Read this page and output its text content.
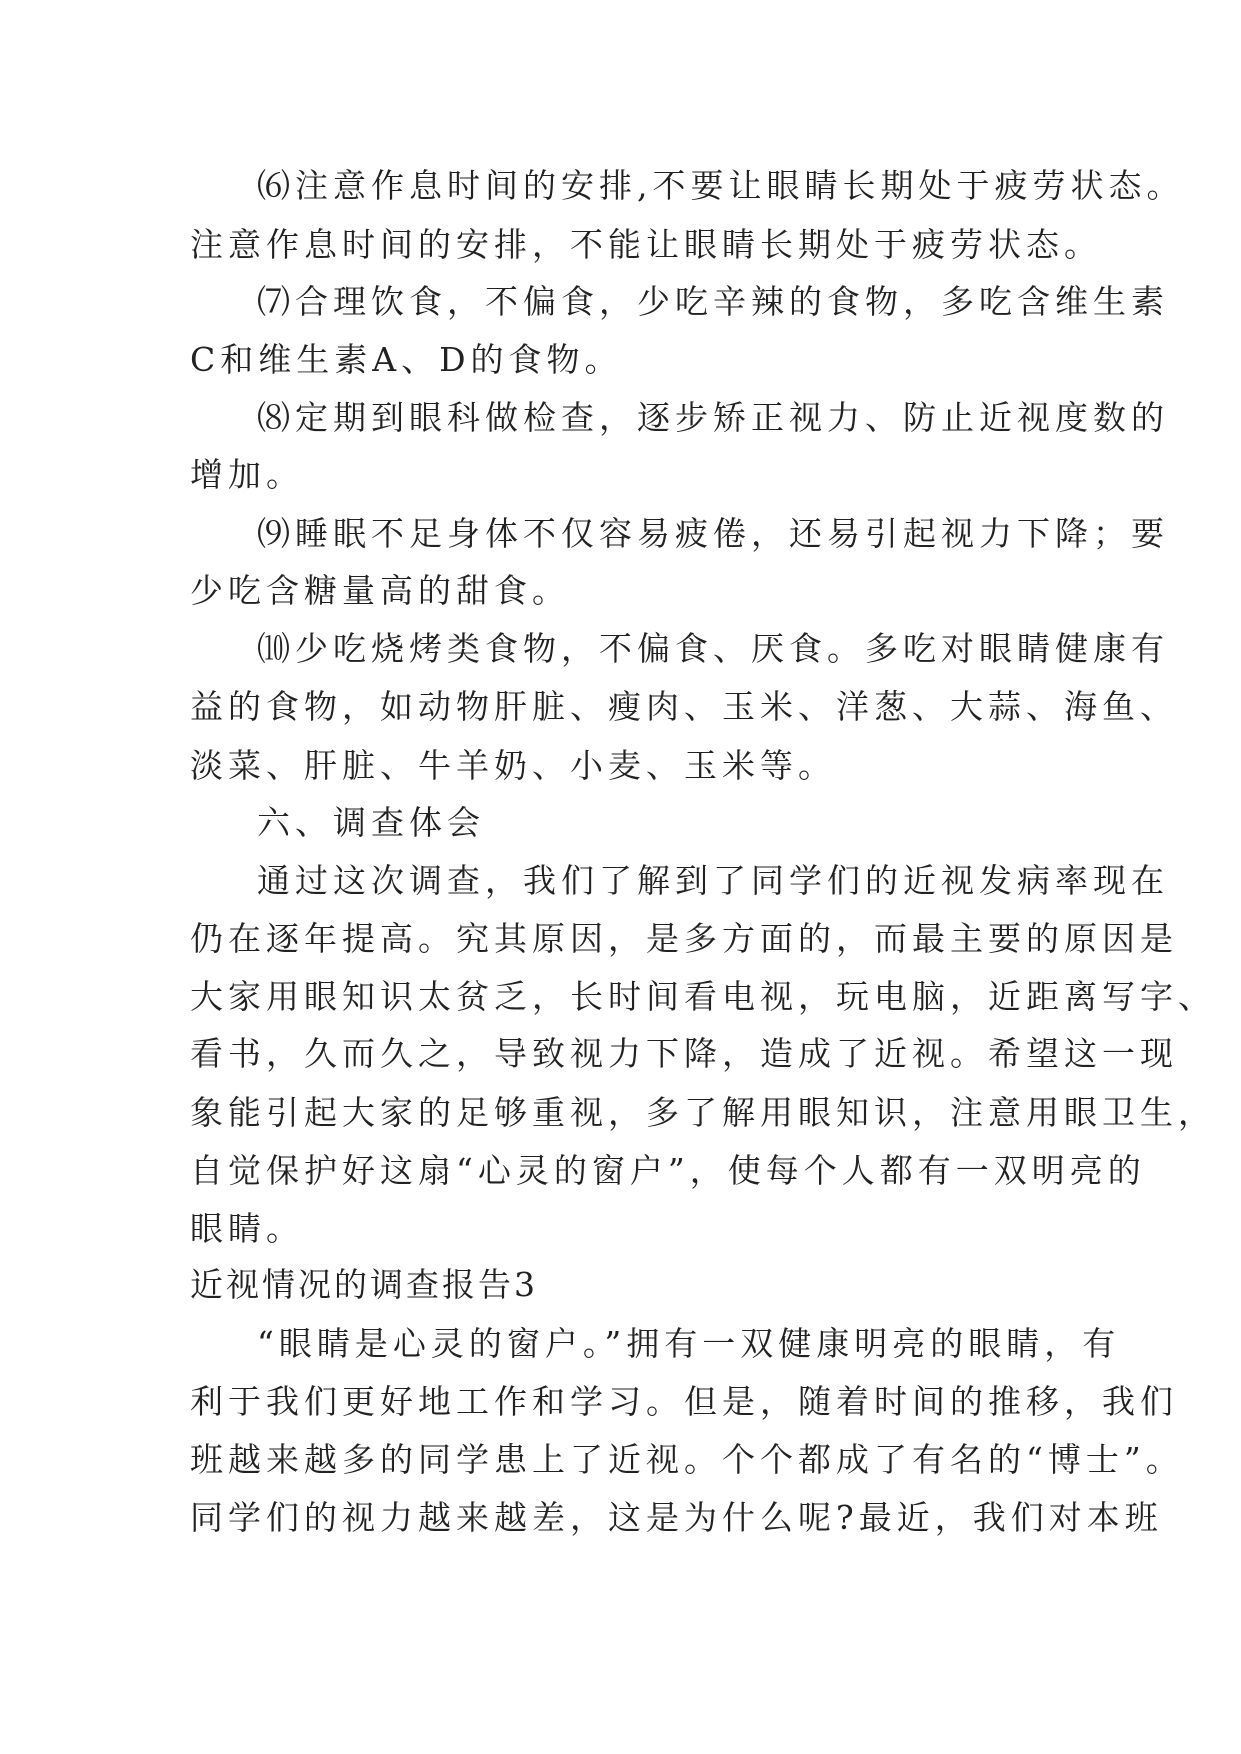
⑹注意作息时间的安排,不要让眼睛长期处于疲劳状态。
注意作息时间的安排，不能让眼睛长期处于疲劳状态。
⑺合理饮食，不偏食，少吃辛辣的食物，多吃含维生素
C和维生素A、D的食物。
⑻定期到眼科做检查，逐步矫正视力、防止近视度数的
增加。
⑼睡眠不足身体不仅容易疲倦，还易引起视力下降；要
少吃含糖量高的甜食。
⑽少吃烧烤类食物，不偏食、厌食。多吃对眼睛健康有
益的食物，如动物肝脏、瘦肉、玉米、洋葱、大蒜、海鱼、
淡菜、肝脏、牛羊奶、小麦、玉米等。
六、调查体会
通过这次调查，我们了解到了同学们的近视发病率现在
仍在逐年提高。究其原因，是多方面的，而最主要的原因是
大家用眼知识太贫乏，长时间看电视，玩电脑，近距离写字、
看书，久而久之，导致视力下降，造成了近视。希望这一现
象能引起大家的足够重视，多了解用眼知识，注意用眼卫生，
自觉保护好这扇“心灵的窗户”，使每个人都有一双明亮的
眼睛。
近视情况的调查报告3
“眼睛是心灵的窗户。”拥有一双健康明亮的眼睛，有
利于我们更好地工作和学习。但是，随着时间的推移，我们
班越来越多的同学患上了近视。个个都成了有名的“博士”。
同学们的视力越来越差，这是为什么呢?最近，我们对本班
